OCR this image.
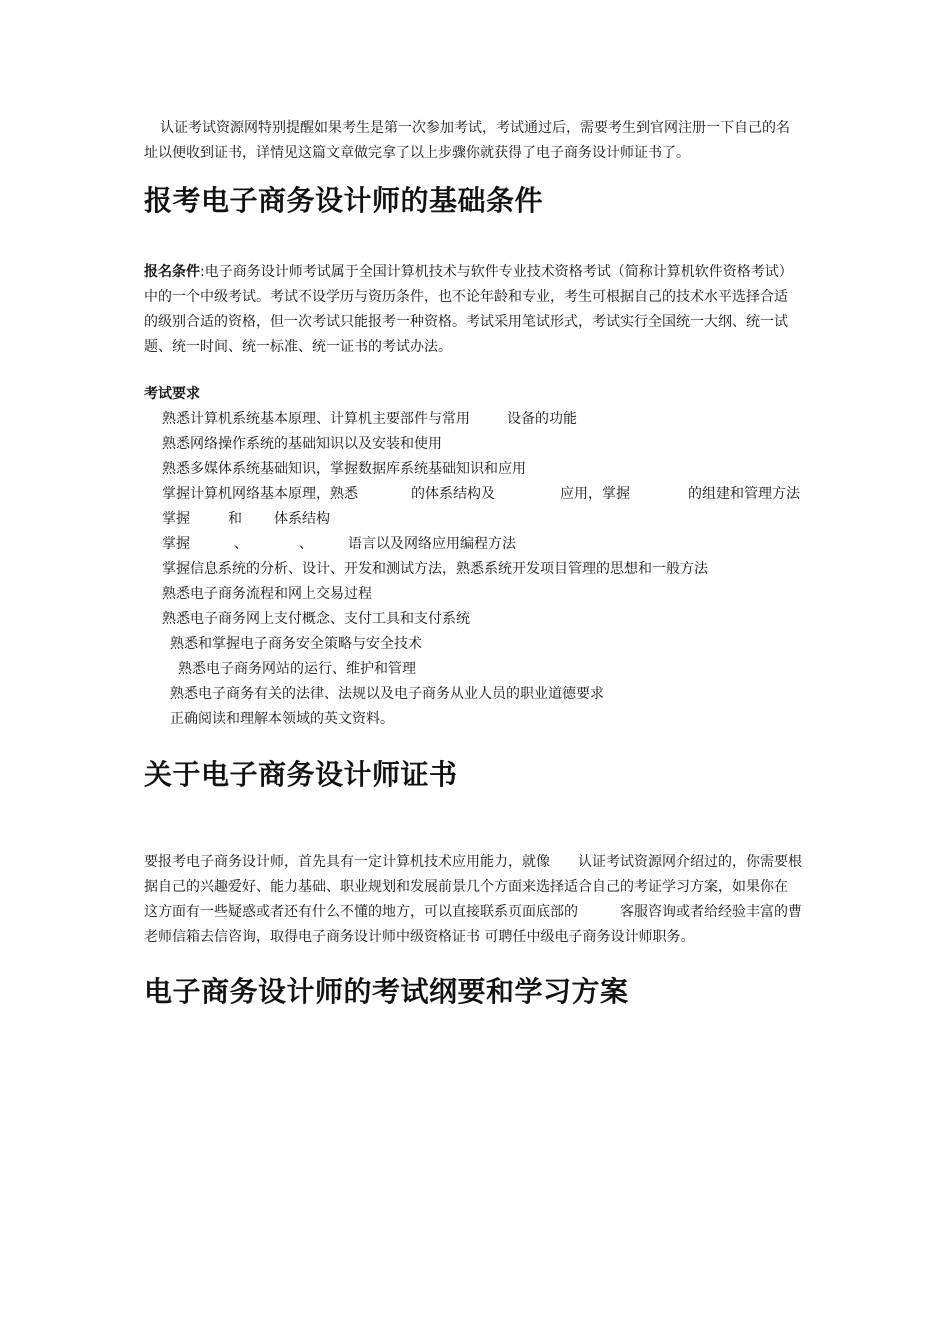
认证考试资源网特别提醒如果考生是第一次参加考试，考试通过后，需要考生到官网注册一下自己的名
址以便收到证书，详情见这篇文章做完拿了以上步骤你就获得了电子商务设计师证书了。
报考电子商务设计师的基础条件
报名条件:电子商务设计师考试属于全国计算机技术与软件专业技术资格考试（简称计算机软件资格考试）
中的一个中级考试。考试不设学历与资历条件，也不论年龄和专业，考生可根据自己的技术水平选择合适
的级别合适的资格，但一次考试只能报考一种资格。考试采用笔试形式，考试实行全国统一大纲、统一试
题、统一时间、统一标准、统一证书的考试办法。
考试要求
熟悉计算机系统基本原理、计算机主要部件与常用	设备的功能
熟悉网络操作系统的基础知识以及安装和使用
熟悉多媒体系统基础知识，掌握数据库系统基础知识和应用
掌握计算机网络基本原理，熟悉	的体系结构及	应用，掌握	的组建和管理方法
掌握	和 体系结构
掌握	、	、	语言以及网络应用编程方法
掌握信息系统的分析、设计、开发和测试方法，熟悉系统开发项目管理的思想和一般方法
熟悉电子商务流程和网上交易过程
熟悉电子商务网上支付概念、支付工具和支付系统
熟悉和掌握电子商务安全策略与安全技术
熟悉电子商务网站的运行、维护和管理
熟悉电子商务有关的法律、法规以及电子商务从业人员的职业道德要求
正确阅读和理解本领域的英文资料。
关于电子商务设计师证书
要报考电子商务设计师，首先具有一定计算机技术应用能力，就像 认证考试资源网介绍过的，你需要根
据自己的兴趣爱好、能力基础、职业规划和发展前景几个方面来选择适合自己的考证学习方案，如果你在
这方面有一些疑惑或者还有什么不懂的地方，可以直接联系页面底部的	客服咨询或者给经验丰富的曹
老师信箱去信咨询，取得电子商务设计师中级资格证书 可聘任中级电子商务设计师职务。
电子商务设计师的考试纲要和学习方案
